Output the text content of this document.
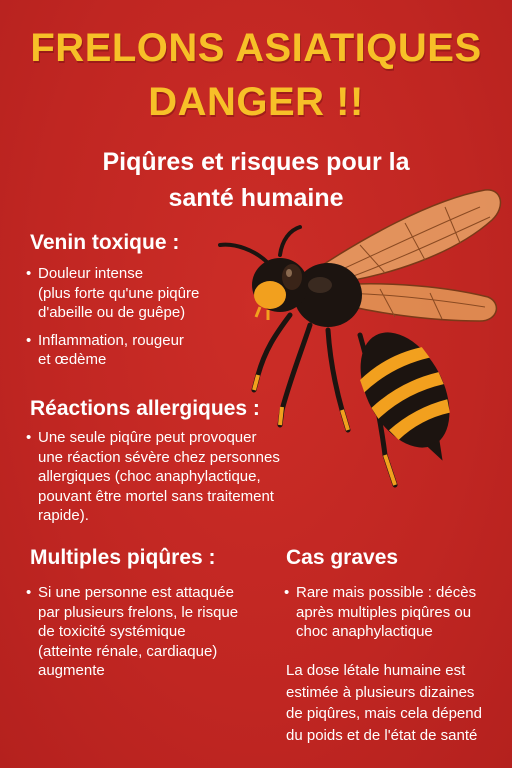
FRELONS ASIATIQUES
DANGER !!
Piqûres et risques pour la
santé humaine
Venin toxique :
• Douleur intense
(plus forte qu'une piqûre
d'abeille ou de guêpe)
• Inflammation, rougeur
et œdème
Réactions allergiques :
• Une seule piqûre peut provoquer
une réaction sévère chez personnes
allergiques (choc anaphylactique,
pouvant être mortel sans traitement
rapide).
Multiples piqûres :
• Si une personne est attaquée
par plusieurs frelons, le risque
de toxicité systémique
(atteinte rénale, cardiaque)
augmente
Cas graves
• Rare mais possible : décès
après multiples piqûres ou
choc anaphylactique
La dose létale humaine est
estimée à plusieurs dizaines
de piqûres, mais cela dépend
du poids et de l'état de santé
